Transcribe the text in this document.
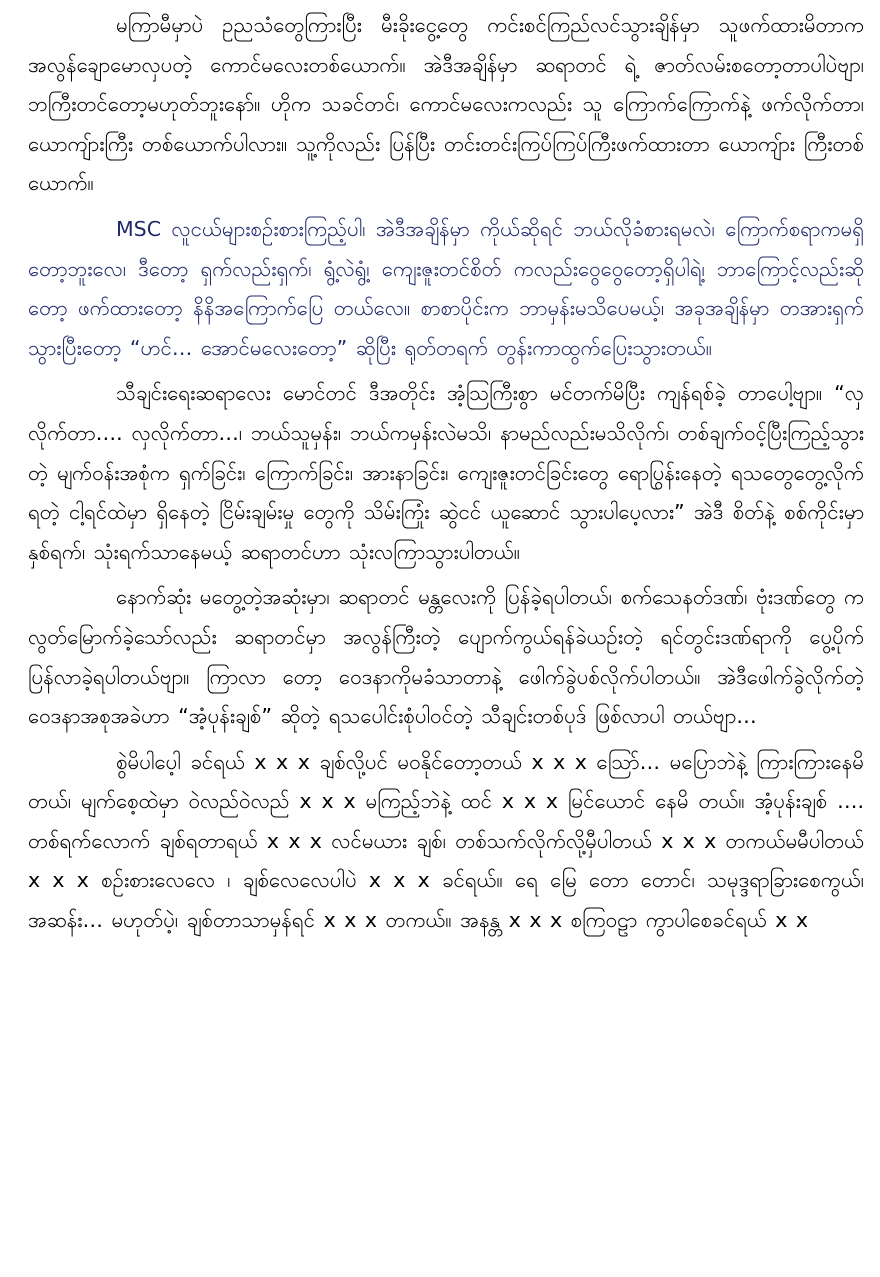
မကြာမီမှာပဲ ဥညသံတွေကြားပြီး မီးခိုးငွေ့တွေ ကင်းစင်ကြည်လင်သွားချိန်မှာ သူဖက်ထားမိတာက အလွန်ချောမောလှပတဲ့ ကောင်မလေးတစ်ယောက်။ အဲဒီအချိန်မှာ ဆရာတင် ရဲ့ ဇာတ်လမ်းစတော့တာပါပဲဗျာ၊ ဘကြီးတင်တော့မဟုတ်ဘူးနော်။ ဟိုက သခင်တင်၊ ကောင်မလေးကလည်း သူ ကြောက်ကြောက်နဲ့ ဖက်လိုက်တာ၊ ယောကျ်ားကြီး တစ်ယောက်ပါလား။ သူ့ကိုလည်း ပြန်ပြီး တင်းတင်းကြပ်ကြပ်ကြီးဖက်ထားတာ ယောကျ်ား ကြီးတစ်ယောက်။

MSC လူငယ်များစဉ်းစားကြည့်ပါ၊ အဲဒီအချိန်မှာ ကိုယ်ဆိုရင် ဘယ်လိုခံစားရမလဲ၊ ကြောက်စရာကမရှိတော့ဘူးလေ၊ ဒီတော့ ရှက်လည်းရှက်၊ ရွံ့လဲရွံ့၊ ကျေးဇူးတင်စိတ် ကလည်းဝွေဝွေတော့ရှိပါရဲ့၊ ဘာကြောင့်လည်းဆိုတော့ ဖက်ထားတော့ နိနိအကြောက်ပြေ တယ်လေ။ စာစာပိုင်းက ဘာမှန်းမသိပေမယ့်၊ အခုအချိန်မှာ တအားရှက်သွားပြီးတော့ “ဟင်… အောင်မလေးတော့” ဆိုပြီး ရုတ်တရက် တွန်းကာထွက်ပြေးသွားတယ်။

သီချင်းရေးဆရာလေး မောင်တင် ဒီအတိုင်း အံ့ဩကြီးစွာ မင်တက်မိပြီး ကျန်ရစ်ခဲ့ တာပေါ့ဗျာ။ “လှလိုက်တာ…. လှလိုက်တာ…၊ ဘယ်သူမှန်း၊ ဘယ်ကမှန်းလဲမသိ၊ နာမည်လည်းမသိလိုက်၊ တစ်ချက်ဝင့်ပြီးကြည့်သွား တဲ့ မျက်ဝန်းအစုံက ရှက်ခြင်း၊ ကြောက်ခြင်း၊ အားနာခြင်း၊ ကျေးဇူးတင်ခြင်းတွေ ရောပြွန်းနေတဲ့ ရသတွေတွေ့လိုက်ရတဲ့ ငါ့ရင်ထဲမှာ ရှိနေတဲ့ ငြိမ်းချမ်းမှု တွေကို သိမ်းကြုံး ဆွဲငင် ယူဆောင် သွားပါပေ့လား” အဲဒီ စိတ်နဲ့ စစ်ကိုင်းမှာ နှစ်ရက်၊ သုံးရက်သာနေမယ့် ဆရာတင်ဟာ သုံးလကြာသွားပါတယ်။

နောက်ဆုံး မတွေ့တဲ့အဆုံးမှာ၊ ဆရာတင် မန္တလေးကို ပြန်ခဲ့ရပါတယ်၊ စက်သေနတ်ဒဏ်၊ ဗုံးဒဏ်တွေ ကလွတ်မြောက်ခဲ့သော်လည်း ဆရာတင်မှာ အလွန်ကြီးတဲ့ ပျောက်ကွယ်ရန်ခဲယဉ်းတဲ့ ရင်တွင်းဒဏ်ရာကို ပွေ့ပိုက်ပြန်လာခဲ့ရပါတယ်ဗျာ။ ကြာလာ တော့ ဝေဒနာကိုမခံသာတာနဲ့ ဖေါက်ခွဲပစ်လိုက်ပါတယ်။ အဲဒီဖေါက်ခွဲလိုက်တဲ့ ဝေဒနာအစုအခဲဟာ “အံ့ပုန်းချစ်” ဆိုတဲ့ ရသပေါင်းစုံပါဝင်တဲ့ သီချင်းတစ်ပုဒ် ဖြစ်လာပါ တယ်ဗျာ…

စွဲမိပါပေ့ါ ခင်ရယ် x x x ချစ်လို့ပင် မဝနိုင်တော့တယ် x x x သြော်… မပြောဘဲနဲ့ ကြားကြားနေမိတယ်၊ မျက်စေ့ထဲမှာ ဝဲလည်ဝဲလည် x x x မကြည့်ဘဲနဲ့ ထင် x x x မြင်ယောင် နေမိ တယ်။ အံ့ပုန်းချစ် …. တစ်ရက်လောက် ချစ်ရတာရယ် x x x လင်မယား ချစ်၊ တစ်သက်လိုက်လို့မှီပါတယ် x x x တကယ်မမီပါတယ် x x x စဉ်းစားလေလေ ၊ ချစ်လေလေပါပဲ x x x ခင်ရယ်။ ရေ မြေ တော တောင်၊ သမုဒ္ဒရာခြားစေကွယ်၊ အဆန်း… မဟုတ်ပဲ့၊ ချစ်တာသာမှန်ရင် x x x တကယ်။ အနန္တ x x x စကြဝဠာ ကွာပါစေခင်ရယ် x x
